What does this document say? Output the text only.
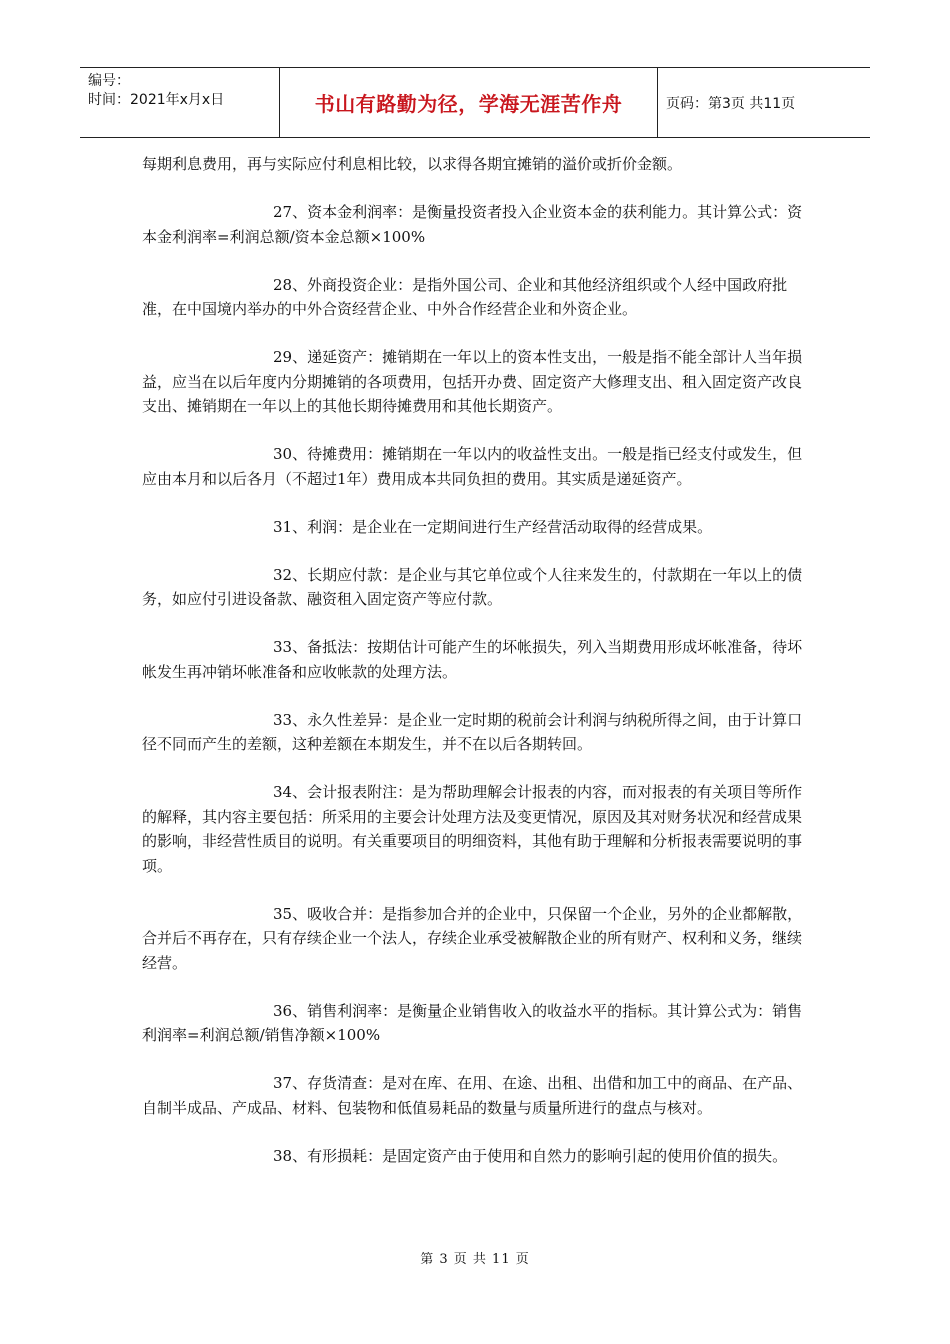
编号：
时间：2021年x月x日	书山有路勤为径，学海无涯苦作舟	页码：第3页 共11页

每期利息费用，再与实际应付利息相比较，以求得各期宜摊销的溢价或折价金额。

27、资本金利润率：是衡量投资者投入企业资本金的获利能力。其计算公式：资本金利润率=利润总额/资本金总额×100%

28、外商投资企业：是指外国公司、企业和其他经济组织或个人经中国政府批准，在中国境内举办的中外合资经营企业、中外合作经营企业和外资企业。

29、递延资产：摊销期在一年以上的资本性支出，一般是指不能全部计人当年损益，应当在以后年度内分期摊销的各项费用，包括开办费、固定资产大修理支出、租入固定资产改良支出、摊销期在一年以上的其他长期待摊费用和其他长期资产。

30、待摊费用：摊销期在一年以内的收益性支出。一般是指已经支付或发生，但应由本月和以后各月（不超过1年）费用成本共同负担的费用。其实质是递延资产。

31、利润：是企业在一定期间进行生产经营活动取得的经营成果。

32、长期应付款：是企业与其它单位或个人往来发生的，付款期在一年以上的债务，如应付引进设备款、融资租入固定资产等应付款。

33、备抵法：按期估计可能产生的坏帐损失，列入当期费用形成坏帐准备，待坏帐发生再冲销坏帐准备和应收帐款的处理方法。

33、永久性差异：是企业一定时期的税前会计利润与纳税所得之间，由于计算口径不同而产生的差额，这种差额在本期发生，并不在以后各期转回。

34、会计报表附注：是为帮助理解会计报表的内容，而对报表的有关项目等所作的解释，其内容主要包括：所采用的主要会计处理方法及变更情况，原因及其对财务状况和经营成果的影响，非经营性质目的说明。有关重要项目的明细资料，其他有助于理解和分析报表需要说明的事项。

35、吸收合并：是指参加合并的企业中，只保留一个企业，另外的企业都解散，合并后不再存在，只有存续企业一个法人，存续企业承受被解散企业的所有财产、权利和义务，继续经营。

36、销售利润率：是衡量企业销售收入的收益水平的指标。其计算公式为：销售利润率=利润总额/销售净额×100%

37、存货清查：是对在库、在用、在途、出租、出借和加工中的商品、在产品、自制半成品、产成品、材料、包装物和低值易耗品的数量与质量所进行的盘点与核对。

38、有形损耗：是固定资产由于使用和自然力的影响引起的使用价值的损失。

第 3 页 共 11 页
